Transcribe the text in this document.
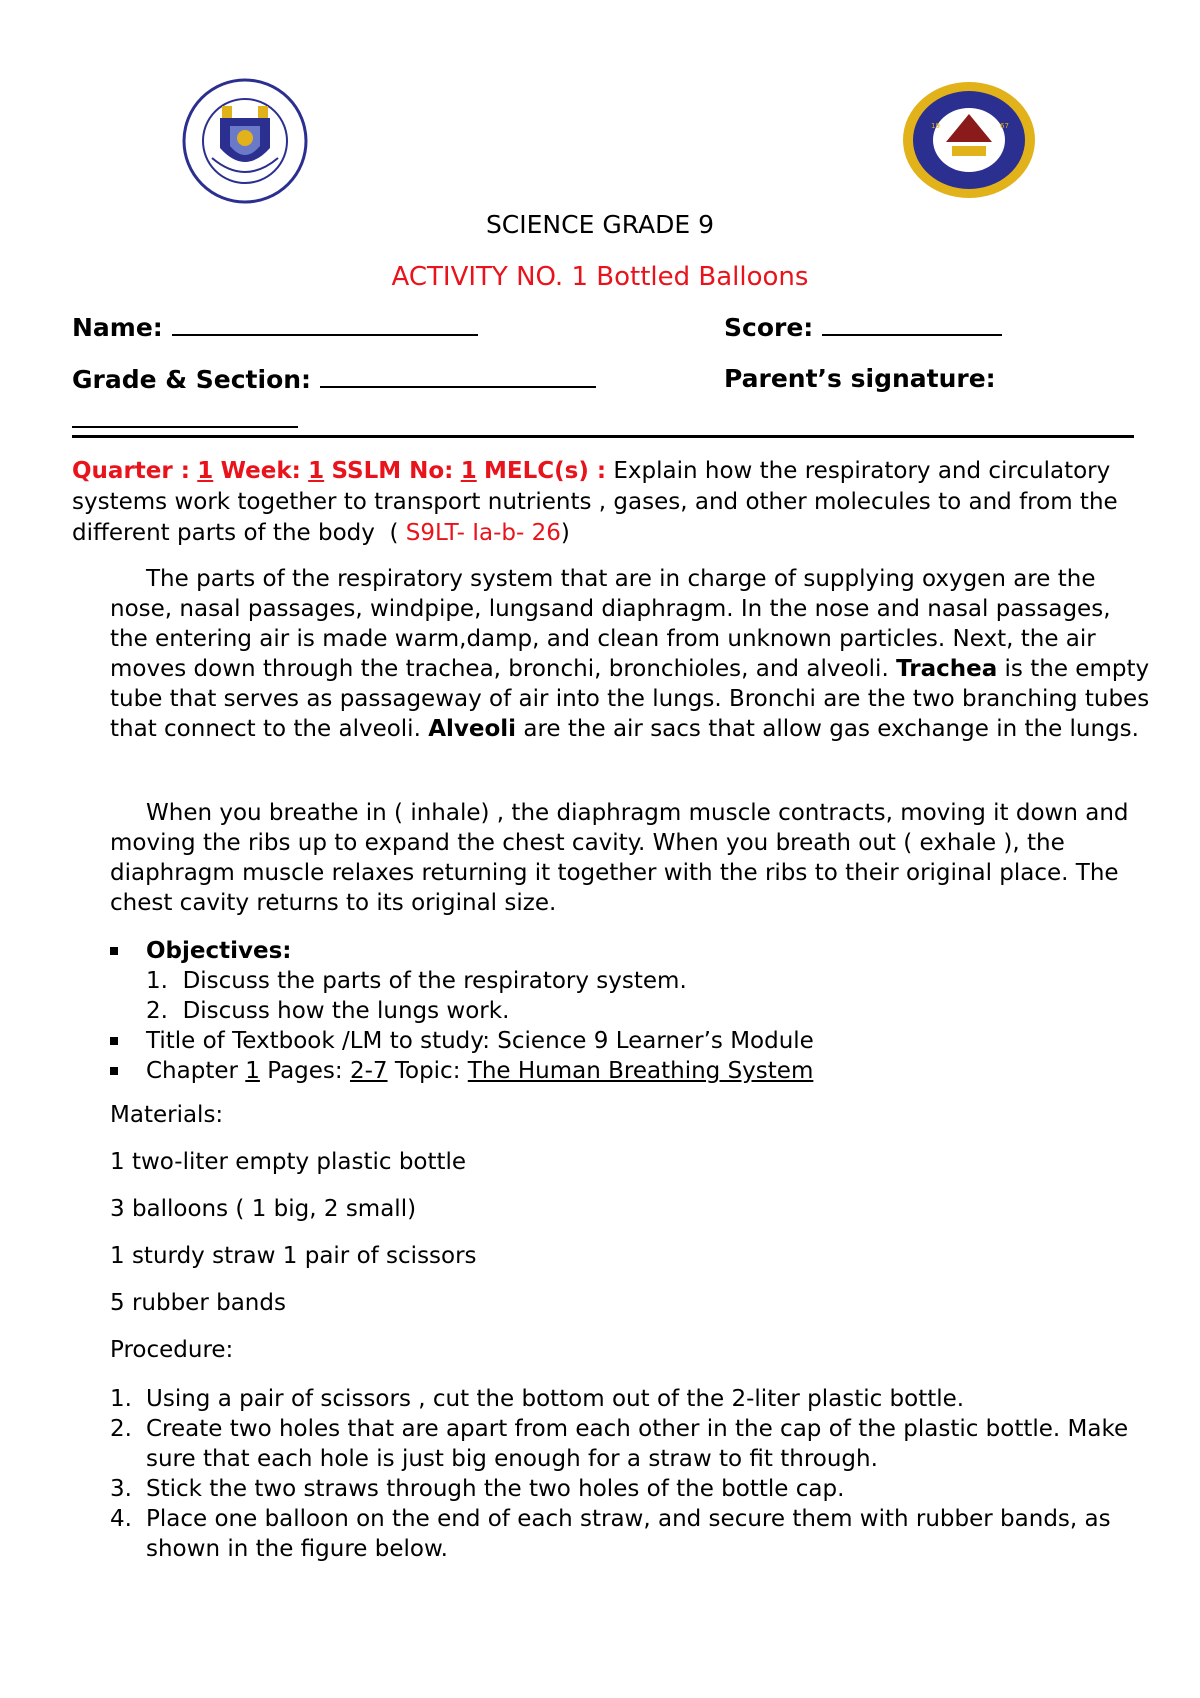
19	67
SCIENCE GRADE 9
ACTIVITY NO. 1 Bottled Balloons
Name:	Score:
Grade & Section:	Parent’s signature:
Quarter : 1 Week: 1 SSLM No: 1 MELC(s) : Explain how the respiratory and circulatory systems work together to transport nutrients , gases, and other molecules to and from the different parts of the body  ( S9LT- Ia-b- 26)
The parts of the respiratory system that are in charge of supplying oxygen are the nose, nasal passages, windpipe, lungsand diaphragm. In the nose and nasal passages, the entering air is made warm,damp, and clean from unknown particles. Next, the air moves down through the trachea, bronchi, bronchioles, and alveoli. Trachea is the empty tube that serves as passageway of air into the lungs. Bronchi are the two branching tubes that connect to the alveoli. Alveoli are the air sacs that allow gas exchange in the lungs.
When you breathe in ( inhale) , the diaphragm muscle contracts, moving it down and moving the ribs up to expand the chest cavity. When you breath out ( exhale ), the diaphragm muscle relaxes returning it together with the ribs to their original place. The chest cavity returns to its original size.
Objectives:
1.  Discuss the parts of the respiratory system.
2.  Discuss how the lungs work.
Title of Textbook /LM to study: Science 9 Learner’s Module
Chapter 1 Pages: 2-7 Topic: The Human Breathing System
Materials:
1 two-liter empty plastic bottle
3 balloons ( 1 big, 2 small)
1 sturdy straw 1 pair of scissors
5 rubber bands
Procedure:
1. Using a pair of scissors , cut the bottom out of the 2-liter plastic bottle.
2. Create two holes that are apart from each other in the cap of the plastic bottle. Make sure that each hole is just big enough for a straw to fit through.
3. Stick the two straws through the two holes of the bottle cap.
4. Place one balloon on the end of each straw, and secure them with rubber bands, as shown in the figure below.
